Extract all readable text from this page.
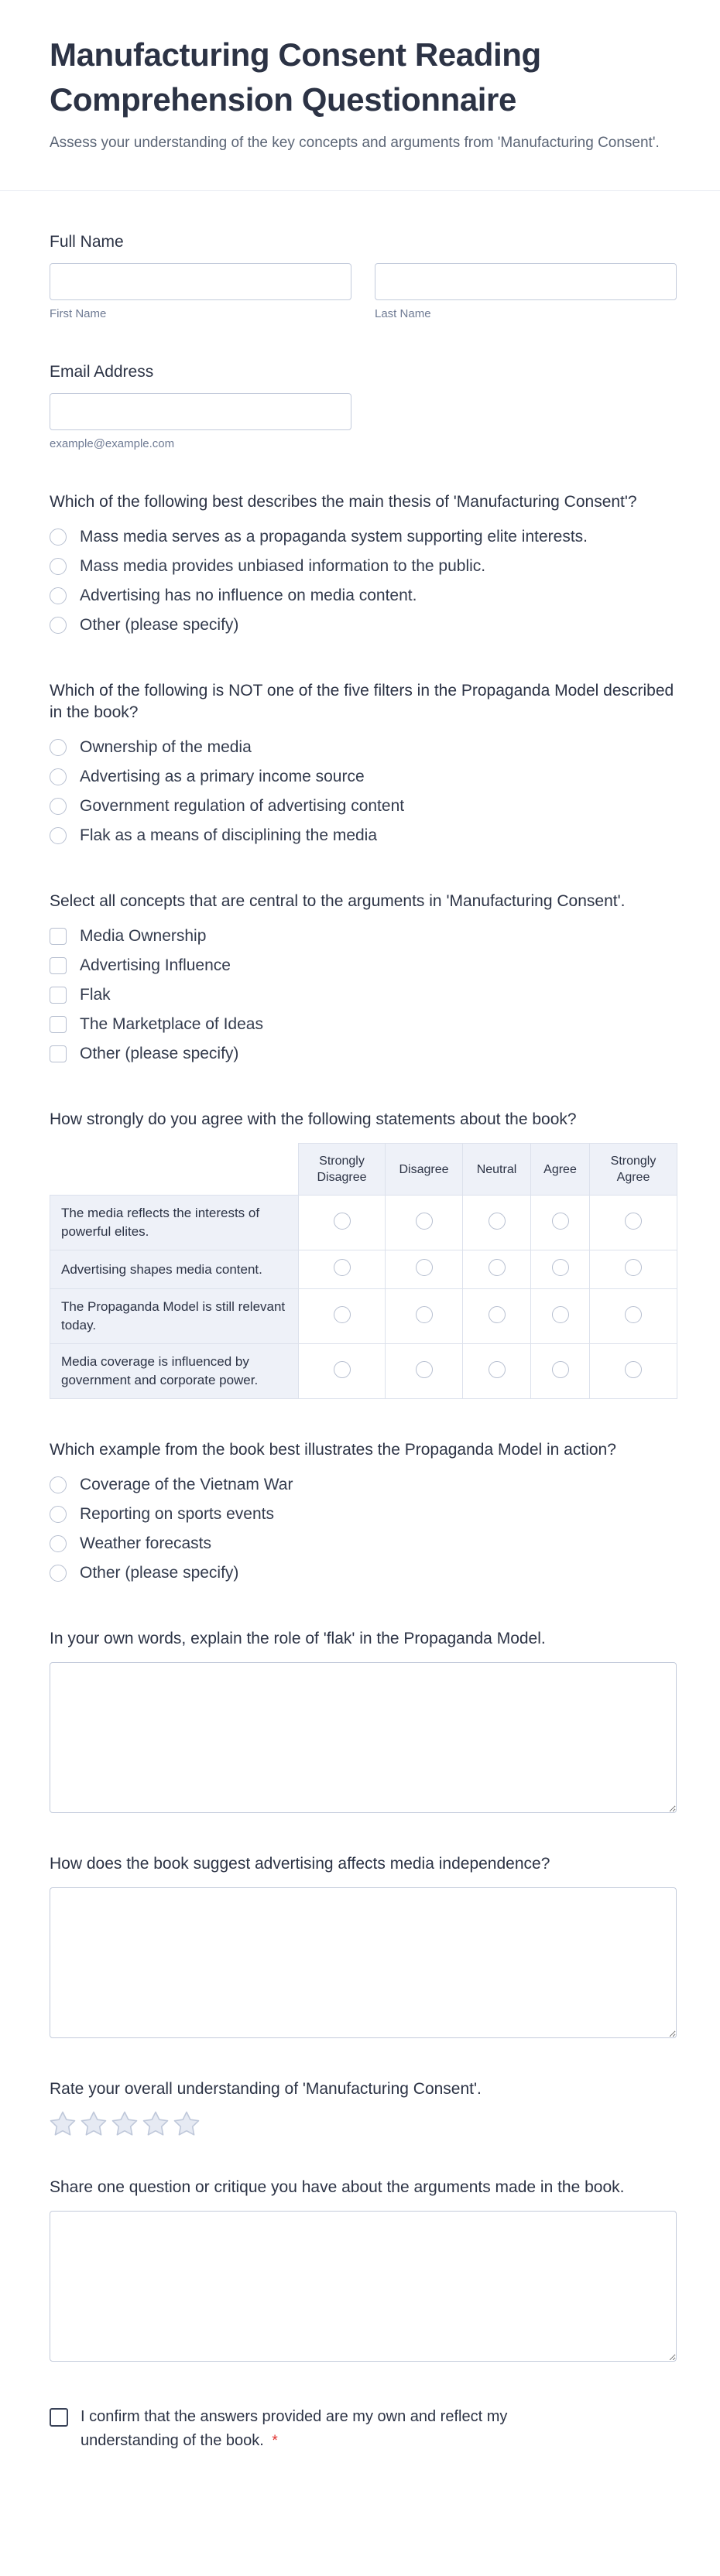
Manufacturing Consent Reading Comprehension Questionnaire
Assess your understanding of the key concepts and arguments from 'Manufacturing Consent'.
Full Name
First Name	Last Name
Email Address
example@example.com
Which of the following best describes the main thesis of 'Manufacturing Consent'?
Mass media serves as a propaganda system supporting elite interests.
Mass media provides unbiased information to the public.
Advertising has no influence on media content.
Other (please specify)
Which of the following is NOT one of the five filters in the Propaganda Model described in the book?
Ownership of the media
Advertising as a primary income source
Government regulation of advertising content
Flak as a means of disciplining the media
Select all concepts that are central to the arguments in 'Manufacturing Consent'.
Media Ownership
Advertising Influence
Flak
The Marketplace of Ideas
Other (please specify)
How strongly do you agree with the following statements about the book?
	Strongly Disagree	Disagree	Neutral	Agree	Strongly Agree
The media reflects the interests of powerful elites.					
Advertising shapes media content.					
The Propaganda Model is still relevant today.					
Media coverage is influenced by government and corporate power.					
Which example from the book best illustrates the Propaganda Model in action?
Coverage of the Vietnam War
Reporting on sports events
Weather forecasts
Other (please specify)
In your own words, explain the role of 'flak' in the Propaganda Model.
How does the book suggest advertising affects media independence?
Rate your overall understanding of 'Manufacturing Consent'.
Share one question or critique you have about the arguments made in the book.
I confirm that the answers provided are my own and reflect my understanding of the book. *
